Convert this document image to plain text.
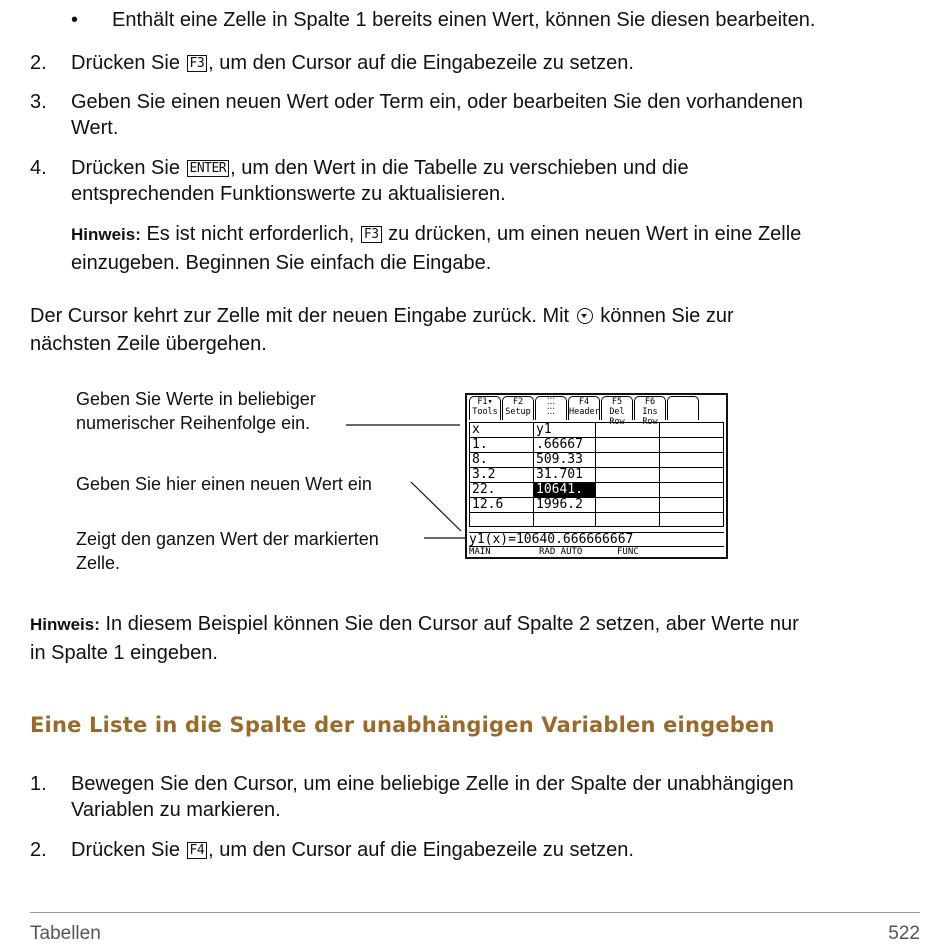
• Enthält eine Zelle in Spalte 1 bereits einen Wert, können Sie diesen bearbeiten.
2. Drücken Sie F3 , um den Cursor auf die Eingabezeile zu setzen.
3. Geben Sie einen neuen Wert oder Term ein, oder bearbeiten Sie den vorhandenen
Wert.
4. Drücken Sie ENTER , um den Wert in die Tabelle zu verschieben und die
entsprechenden Funktionswerte zu aktualisieren.
Hinweis: Es ist nicht erforderlich, F3 zu drücken, um einen neuen Wert in eine Zelle
einzugeben. Beginnen Sie einfach die Eingabe.
Der Cursor kehrt zur Zelle mit der neuen Eingabe zurück. Mit  können Sie zur
nächsten Zeile übergehen.
Geben Sie Werte in beliebiger
numerischer Reihenfolge ein.
Geben Sie hier einen neuen Wert ein
Zeigt den ganzen Wert der markierten
Zelle.
F1▾
Tools
F2
Setup
⁚⁚⁚
⁚⁚⁚
F4
Header
F5
Del Row
F6
Ins Row
x	y1		
1.	.66667		
8.	509.33		
3.2	31.701		
22.	10641.		
12.6	1996.2		

y1(x)=10640.666666667
MAIN	RAD AUTO	FUNC
Hinweis: In diesem Beispiel können Sie den Cursor auf Spalte 2 setzen, aber Werte nur
in Spalte 1 eingeben.
Eine Liste in die Spalte der unabhängigen Variablen eingeben
1. Bewegen Sie den Cursor, um eine beliebige Zelle in der Spalte der unabhängigen
Variablen zu markieren.
2. Drücken Sie F4 , um den Cursor auf die Eingabezeile zu setzen.
Tabellen	522
